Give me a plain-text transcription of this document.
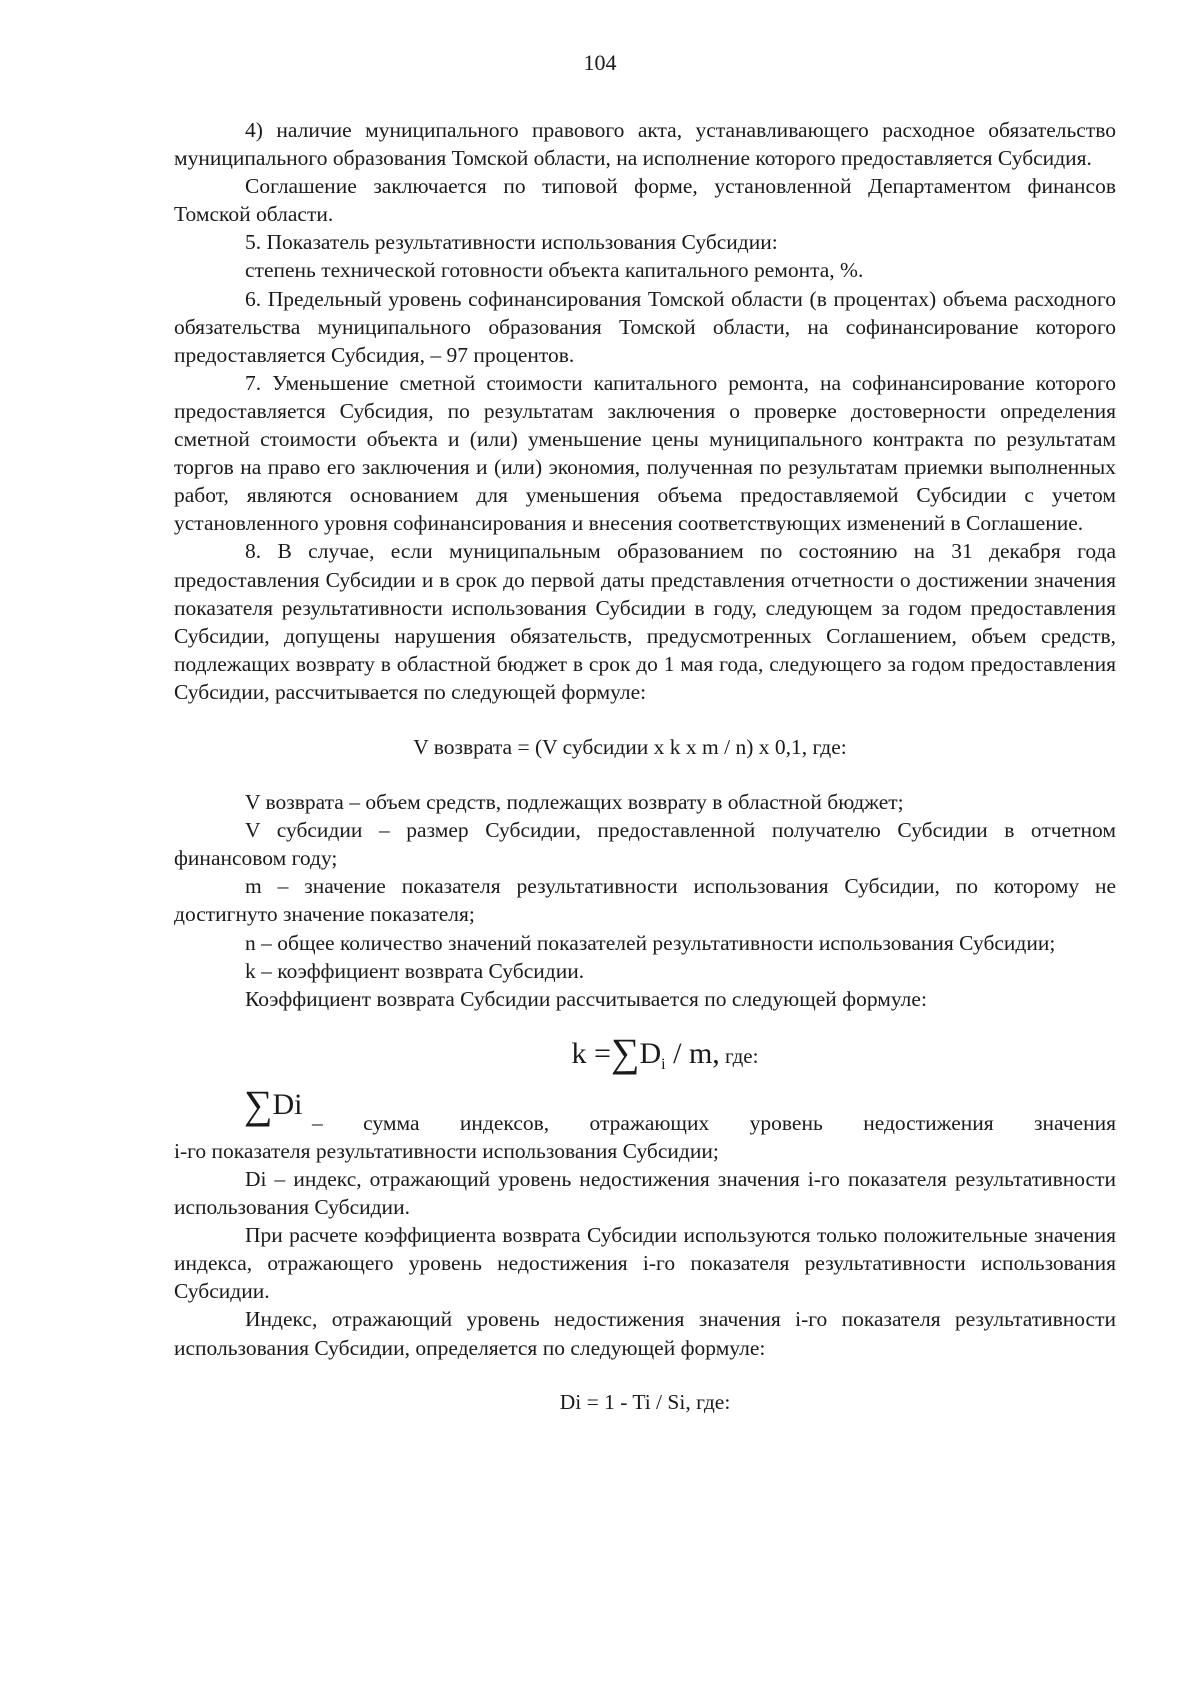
104

4) наличие муниципального правового акта, устанавливающего расходное обязательство муниципального образования Томской области, на исполнение которого предоставляется Субсидия.

Соглашение заключается по типовой форме, установленной Департаментом финансов Томской области.

5. Показатель результативности использования Субсидии:

степень технической готовности объекта капитального ремонта, %.

6. Предельный уровень софинансирования Томской области (в процентах) объема расходного обязательства муниципального образования Томской области, на софинансирование которого предоставляется Субсидия, – 97 процентов.

7. Уменьшение сметной стоимости капитального ремонта, на софинансирование которого предоставляется Субсидия, по результатам заключения о проверке достоверности определения сметной стоимости объекта и (или) уменьшение цены муниципального контракта по результатам торгов на право его заключения и (или) экономия, полученная по результатам приемки выполненных работ, являются основанием для уменьшения объема предоставляемой Субсидии с учетом установленного уровня софинансирования и внесения соответствующих изменений в Соглашение.

8. В случае, если муниципальным образованием по состоянию на 31 декабря года предоставления Субсидии и в срок до первой даты представления отчетности о достижении значения показателя результативности использования Субсидии в году, следующем за годом предоставления Субсидии, допущены нарушения обязательств, предусмотренных Соглашением, объем средств, подлежащих возврату в областной бюджет в срок до 1 мая года, следующего за годом предоставления Субсидии, рассчитывается по следующей формуле:

V возврата = (V субсидии x k x m / n) x 0,1, где:

V возврата – объем средств, подлежащих возврату в областной бюджет;

V субсидии – размер Субсидии, предоставленной получателю Субсидии в отчетном финансовом году;

m – значение показателя результативности использования Субсидии, по которому не достигнуто значение показателя;

n – общее количество значений показателей результативности использования Субсидии;

k – коэффициент возврата Субсидии.

Коэффициент возврата Субсидии рассчитывается по следующей формуле:

$k =\sum D_i / m$, где:

∑Di
– сумма индексов, отражающих уровень недостижения значения

i-го показателя результативности использования Субсидии;

Di – индекс, отражающий уровень недостижения значения i-го показателя результативности использования Субсидии.

При расчете коэффициента возврата Субсидии используются только положительные значения индекса, отражающего уровень недостижения i-го показателя результативности использования Субсидии.

Индекс, отражающий уровень недостижения значения i-го показателя результативности использования Субсидии, определяется по следующей формуле:

Di = 1 - Ti / Si, где:
